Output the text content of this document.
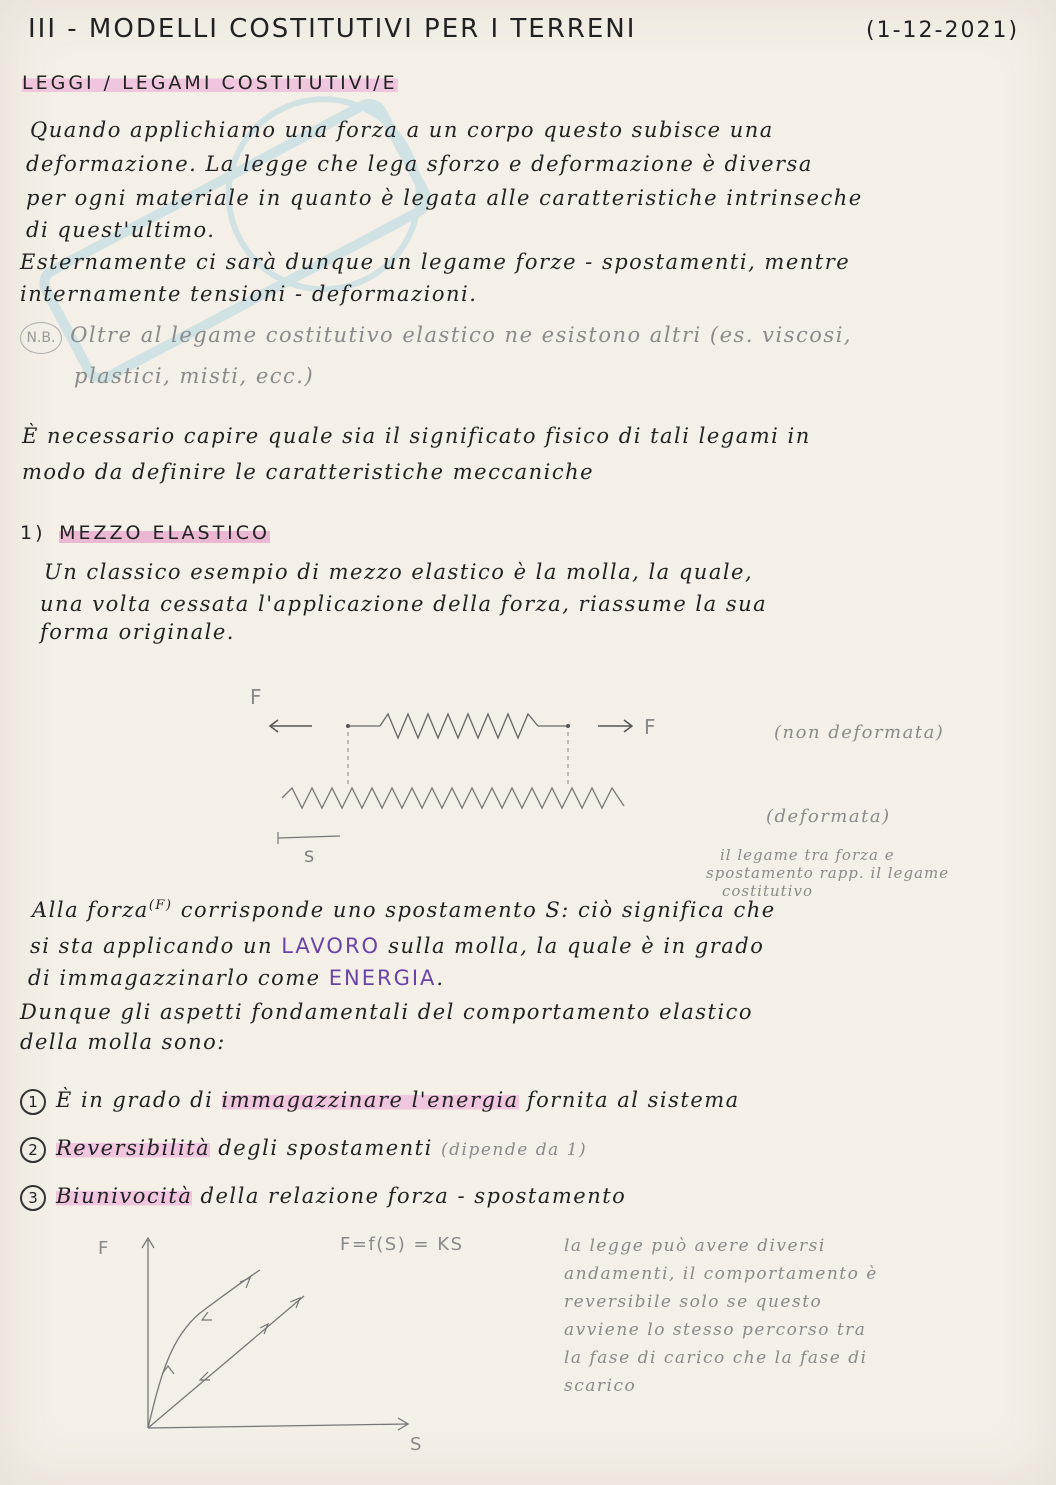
III - MODELLI COSTITUTIVI PER I TERRENI	(1-12-2021)
LEGGI / LEGAMI COSTITUTIVI/E
Quando applichiamo una forza a un corpo questo subisce una
deformazione. La legge che lega sforzo e deformazione è diversa
per ogni materiale in quanto è legata alle caratteristiche intrinseche
di quest'ultimo.
Esternamente ci sarà dunque un legame forze - spostamenti, mentre
internamente tensioni - deformazioni.
N.B. Oltre al legame costitutivo elastico ne esistono altri (es. viscosi,
plastici, misti, ecc.)
È necessario capire quale sia il significato fisico di tali legami in
modo da definire le caratteristiche meccaniche
1) MEZZO ELASTICO
Un classico esempio di mezzo elastico è la molla, la quale,
una volta cessata l'applicazione della forza, riassume la sua
forma originale.
F
F
S
(non deformata)
(deformata)
il legame tra forza e
spostamento rapp. il legame
costitutivo
Alla forza$^{(F)}$ corrisponde uno spostamento S: ciò significa che
si sta applicando un LAVORO sulla molla, la quale è in grado
di immagazzinarlo come ENERGIA.
Dunque gli aspetti fondamentali del comportamento elastico
della molla sono:
1 È in grado di immagazzinare l'energia fornita al sistema
2 Reversibilità degli spostamenti (dipende da 1)
3 Biunivocità della relazione forza - spostamento
F
S
F=f(S) = KS	la legge può avere diversi
andamenti, il comportamento è
reversibile solo se questo
avviene lo stesso percorso tra
la fase di carico che la fase di
scarico
